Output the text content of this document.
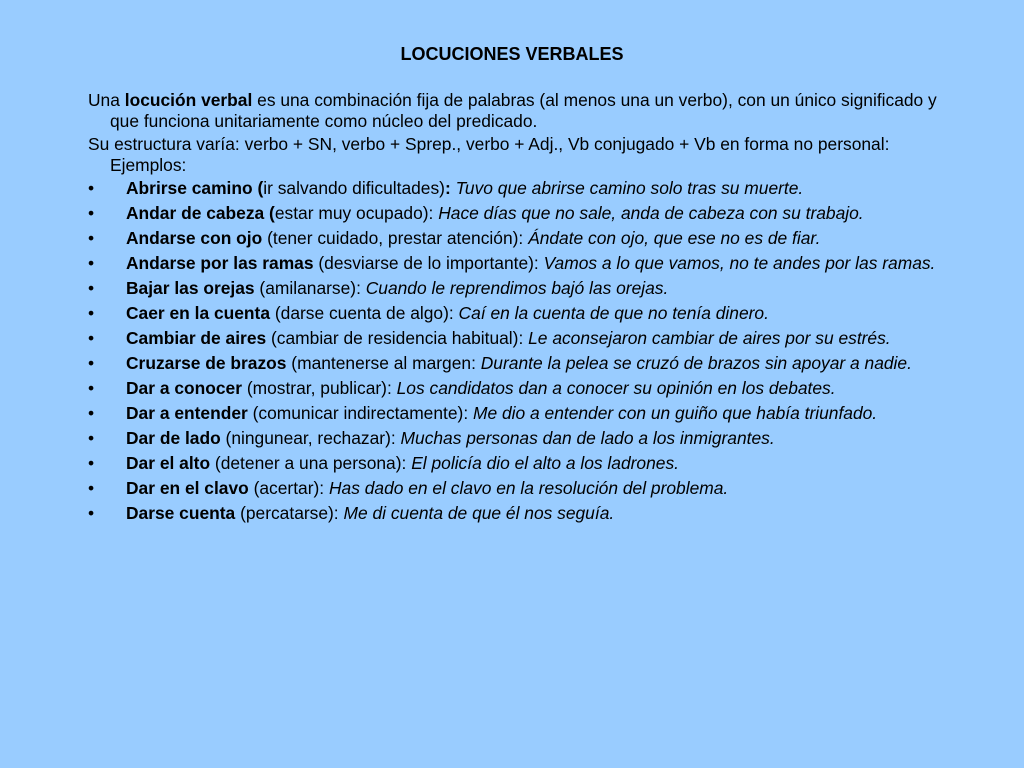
LOCUCIONES VERBALES
Una locución verbal es una combinación fija de palabras (al menos una un verbo), con un único significado y que funciona unitariamente como núcleo del predicado.
Su estructura varía: verbo + SN, verbo + Sprep., verbo + Adj., Vb conjugado + Vb en forma no personal: Ejemplos:
• Abrirse camino (ir salvando dificultades): Tuvo que abrirse camino solo tras su muerte.
• Andar de cabeza (estar muy ocupado): Hace días que no sale, anda de cabeza con su trabajo.
• Andarse con ojo (tener cuidado, prestar atención): Ándate con ojo, que ese no es de fiar.
• Andarse por las ramas (desviarse de lo importante): Vamos a lo que vamos, no te andes por las ramas.
• Bajar las orejas (amilanarse): Cuando le reprendimos bajó las orejas.
• Caer en la cuenta (darse cuenta de algo): Caí en la cuenta de que no tenía dinero.
• Cambiar de aires (cambiar de residencia habitual): Le aconsejaron cambiar de aires por su estrés.
• Cruzarse de brazos (mantenerse al margen: Durante la pelea se cruzó de brazos sin apoyar a nadie.
• Dar a conocer (mostrar, publicar): Los candidatos dan a conocer su opinión en los debates.
• Dar a entender (comunicar indirectamente): Me dio a entender con un guiño que había triunfado.
• Dar de lado (ningunear, rechazar): Muchas personas dan de lado a los inmigrantes.
• Dar el alto (detener a una persona): El policía dio el alto a los ladrones.
• Dar en el clavo (acertar): Has dado en el clavo en la resolución del problema.
• Darse cuenta (percatarse): Me di cuenta de que él nos seguía.
